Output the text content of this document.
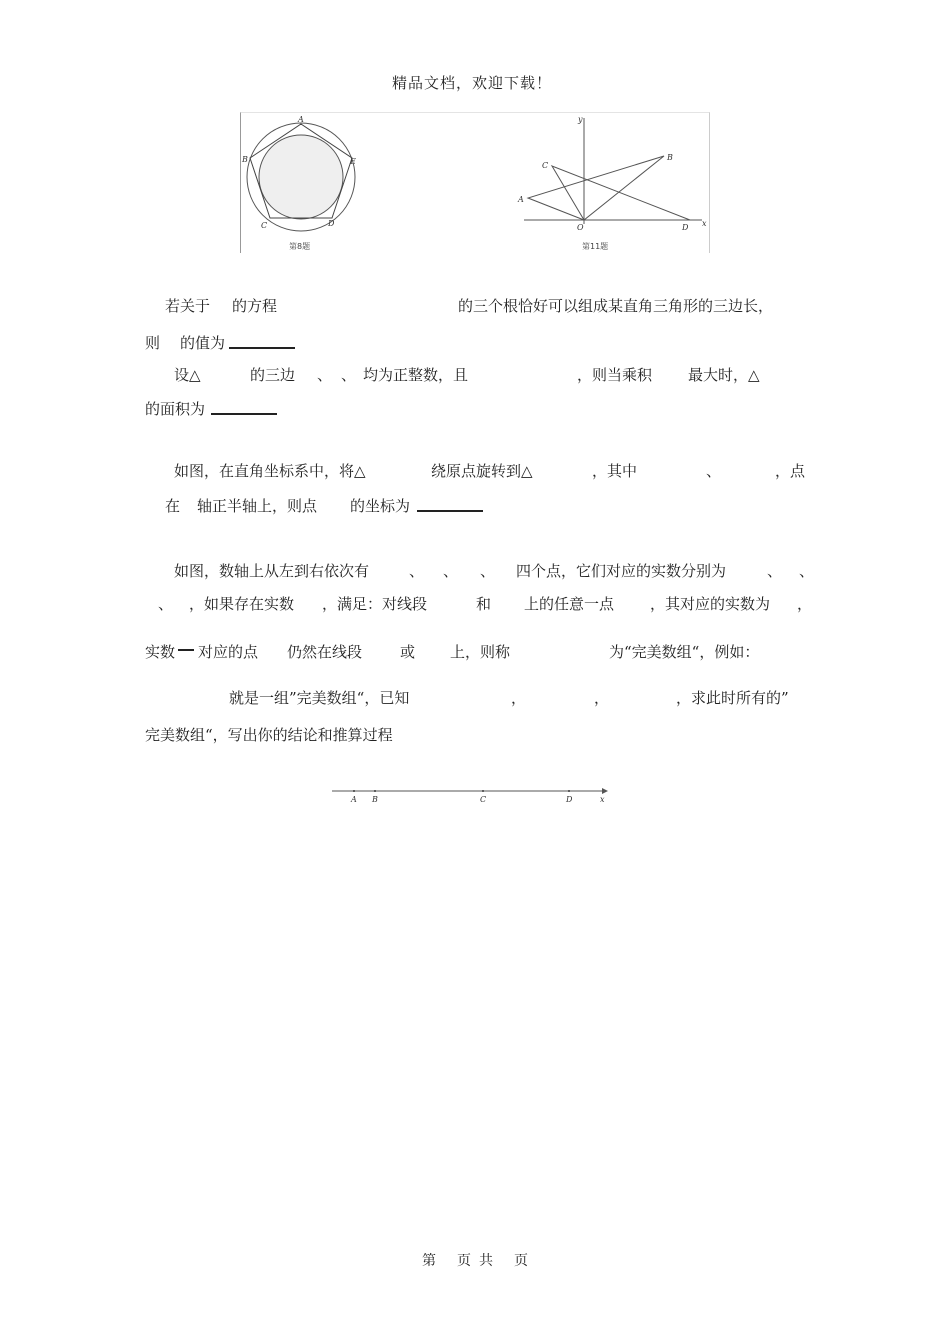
精品文档，欢迎下载！
A
B	E
C	D
第8题
y
x
O
A
B
C
D
第11题
若关于 的方程	的三个根恰好可以组成某直角三角形的三边长，
则 的值为
设△	的三边 、 、 均为正整数，且	，则当乘积 最大时，△
的面积为
如图，在直角坐标系中，将△	绕原点旋转到△	，其中	、	，点
在 轴正半轴上，则点 的坐标为
如图，数轴上从左到右依次有	、 、 、 四个点，它们对应的实数分别为	、 、
、 ，如果存在实数 ，满足：对线段	和 上的任意一点 ，其对应的实数为 ，
实数 对应的点 仍然在线段	或 上，则称	为“完美数组“，例如：
就是一组”完美数组“，已知	，	，	，求此时所有的”
完美数组“，写出你的结论和推算过程
A B	C	D	x
第 页 共 页
